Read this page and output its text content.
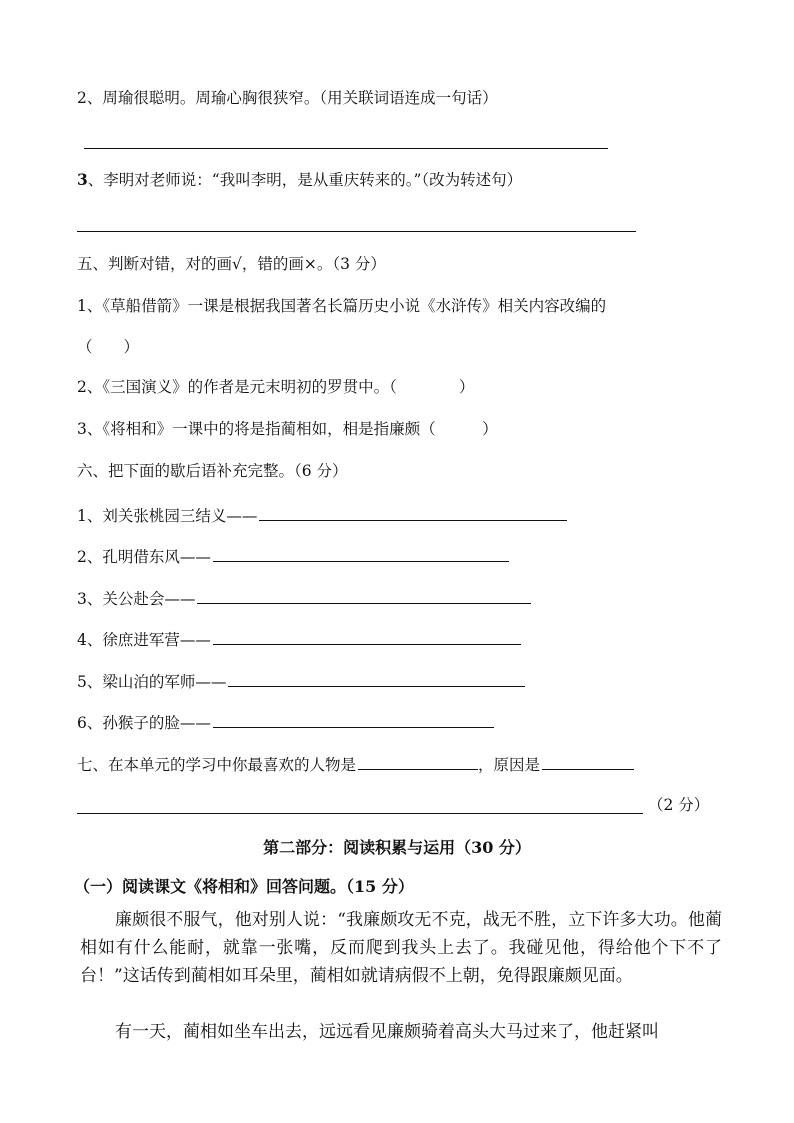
2、周瑜很聪明。周瑜心胸很狭窄。（用关联词语连成一句话）
3、李明对老师说：“我叫李明，是从重庆转来的。”（改为转述句）
五、判断对错，对的画√，错的画×。（3 分）
1、《草船借箭》一课是根据我国著名长篇历史小说《水浒传》相关内容改编的
（　　）
2、《三国演义》的作者是元末明初的罗贯中。（　　　　）
3、《将相和》一课中的将是指蔺相如，相是指廉颇（　　　）
六、把下面的歇后语补充完整。（6 分）
1、刘关张桃园三结义——
2、孔明借东风——
3、关公赴会——
4、徐庶进军营——
5、梁山泊的军师——
6、孙猴子的脸——
七、在本单元的学习中你最喜欢的人物是	，原因是
（2 分）
第二部分：阅读积累与运用（30 分）
（一）阅读课文《将相和》回答问题。（15 分）
廉颇很不服气，他对别人说：“我廉颇攻无不克，战无不胜，立下许多大功。他蔺相如有什么能耐，就靠一张嘴，反而爬到我头上去了。我碰见他，得给他个下不了台！”这话传到蔺相如耳朵里，蔺相如就请病假不上朝，免得跟廉颇见面。
有一天，蔺相如坐车出去，远远看见廉颇骑着高头大马过来了，他赶紧叫
